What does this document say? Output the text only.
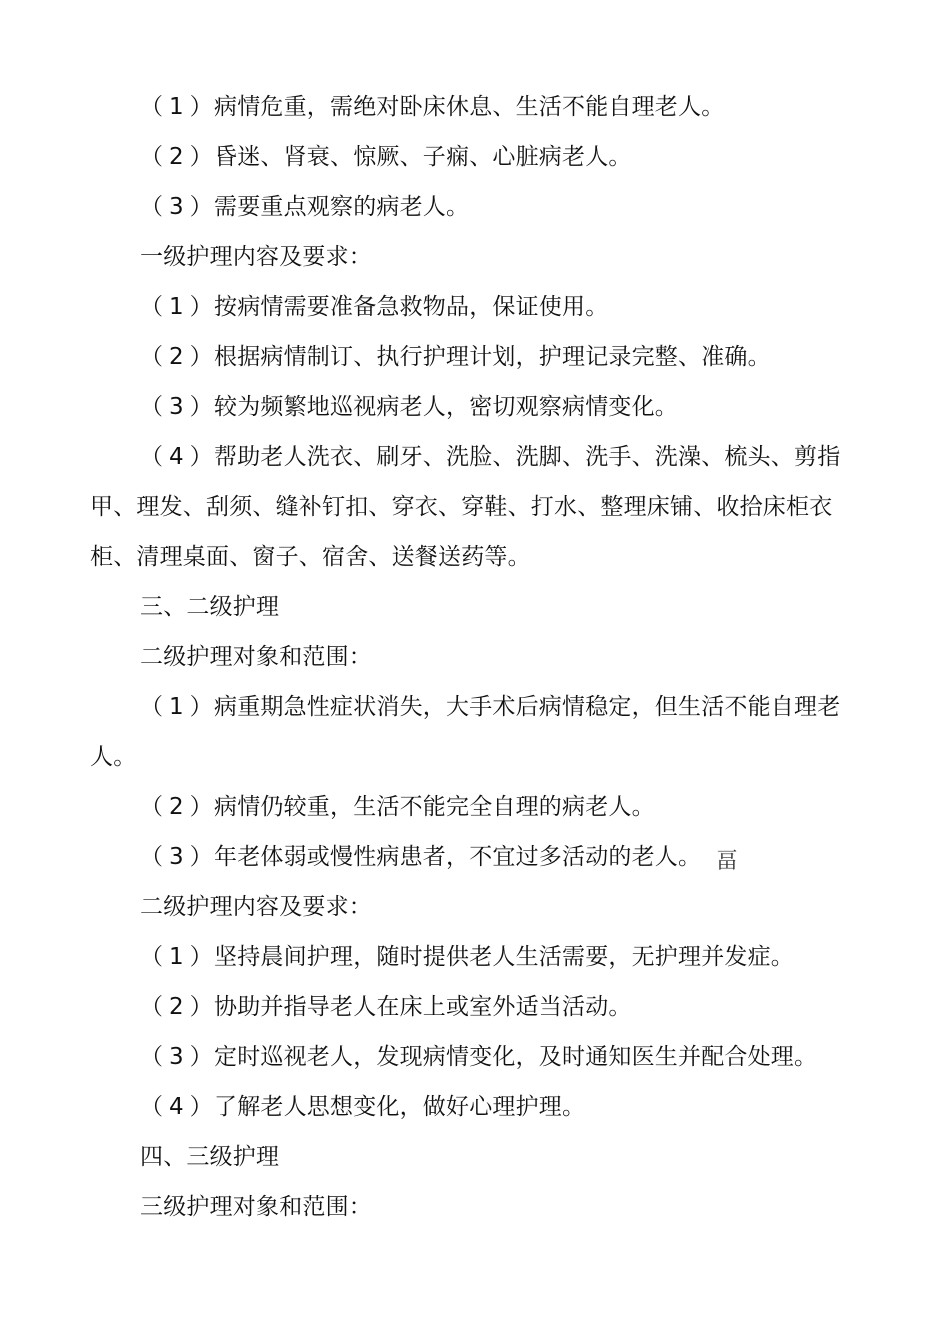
（1）病情危重，需绝对卧床休息、生活不能自理老人。
（2）昏迷、肾衰、惊厥、子痫、心脏病老人。
（3）需要重点观察的病老人。
一级护理内容及要求：
（1）按病情需要准备急救物品，保证使用。
（2）根据病情制订、执行护理计划，护理记录完整、准确。
（3）较为频繁地巡视病老人，密切观察病情变化。
（4）帮助老人洗衣、刷牙、洗脸、洗脚、洗手、洗澡、梳头、剪指
甲、理发、刮须、缝补钉扣、穿衣、穿鞋、打水、整理床铺、收拾床柜衣
柜、清理桌面、窗子、宿舍、送餐送药等。
三、二级护理
二级护理对象和范围：
（1）病重期急性症状消失，大手术后病情稳定，但生活不能自理老
人。
（2）病情仍较重，生活不能完全自理的病老人。
（3）年老体弱或慢性病患者，不宜过多活动的老人。 畐
二级护理内容及要求：
（1）坚持晨间护理，随时提供老人生活需要，无护理并发症。
（2）协助并指导老人在床上或室外适当活动。
（3）定时巡视老人，发现病情变化，及时通知医生并配合处理。
（4）了解老人思想变化，做好心理护理。
四、三级护理
三级护理对象和范围：
